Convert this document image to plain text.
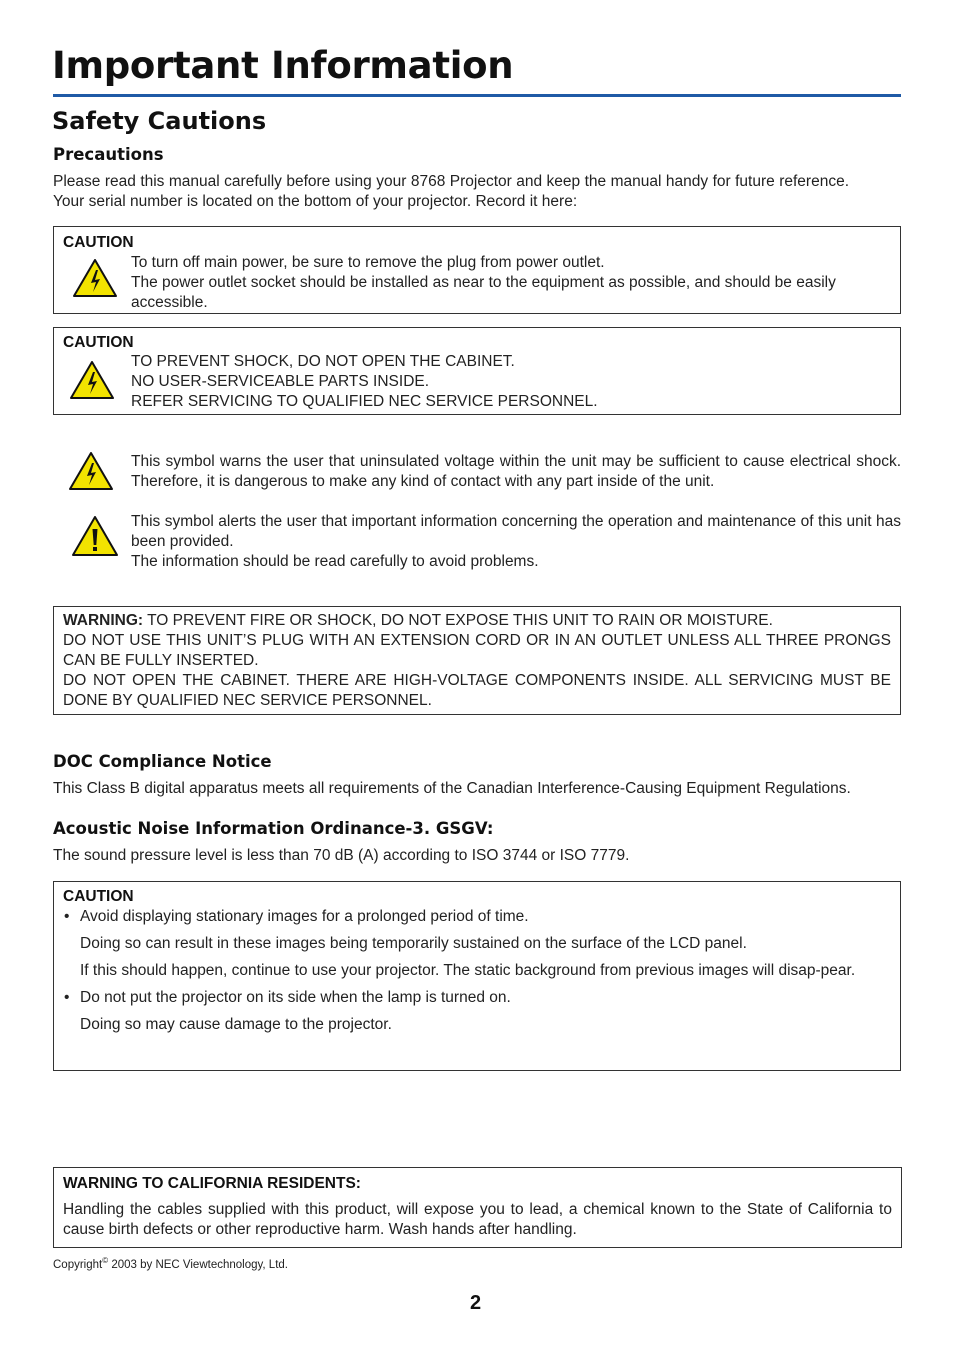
Important Information
Safety Cautions
Precautions
Please read this manual carefully before using your 8768 Projector and keep the manual handy for future reference. Your serial number is located on the bottom of your projector. Record it here:
CAUTION
To turn off main power, be sure to remove the plug from power outlet.
The power outlet socket should be installed as near to the equipment as possible, and should be easily accessible.
CAUTION
TO PREVENT SHOCK, DO NOT OPEN THE CABINET.
NO USER-SERVICEABLE PARTS INSIDE.
REFER SERVICING TO QUALIFIED NEC SERVICE PERSONNEL.
This symbol warns the user that uninsulated voltage within the unit may be sufficient to cause electrical shock. Therefore, it is dangerous to make any kind of contact with any part inside of the unit.
This symbol alerts the user that important information concerning the operation and maintenance of this unit has been provided.
The information should be read carefully to avoid problems.
WARNING: TO PREVENT FIRE OR SHOCK, DO NOT EXPOSE THIS UNIT TO RAIN OR MOISTURE.
DO NOT USE THIS UNIT’S PLUG WITH AN EXTENSION CORD OR IN AN OUTLET UNLESS ALL THREE PRONGS CAN BE FULLY INSERTED.
DO NOT OPEN THE CABINET. THERE ARE HIGH-VOLTAGE COMPONENTS INSIDE. ALL SERVICING MUST BE DONE BY QUALIFIED NEC SERVICE PERSONNEL.
DOC Compliance Notice
This Class B digital apparatus meets all requirements of the Canadian Interference-Causing Equipment Regulations.
Acoustic Noise Information Ordinance-3. GSGV:
The sound pressure level is less than 70 dB (A) according to ISO 3744 or ISO 7779.
CAUTION
• Avoid displaying stationary images for a prolonged period of time.
Doing so can result in these images being temporarily sustained on the surface of the LCD panel.
If this should happen, continue to use your projector. The static background from previous images will disap-pear.
• Do not put the projector on its side when the lamp is turned on.
Doing so may cause damage to the projector.
WARNING TO CALIFORNIA RESIDENTS:
Handling the cables supplied with this product, will expose you to lead, a chemical known to the State of California to cause birth defects or other reproductive harm. Wash hands after handling.
Copyright© 2003 by NEC Viewtechnology, Ltd.
2
